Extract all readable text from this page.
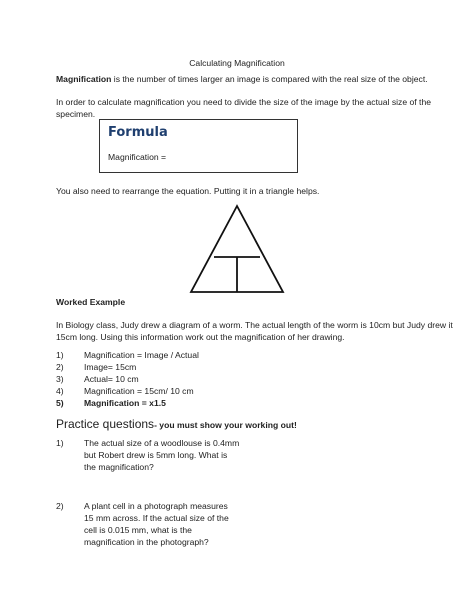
Calculating Magnification
Magnification is the number of times larger an image is compared with the real size of the object.
In order to calculate magnification you need to divide the size of the image by the actual size of the
specimen.
Formula
Magnification =
You also need to rearrange the equation. Putting it in a triangle helps.
Worked Example
In Biology class, Judy drew a diagram of a worm. The actual length of the worm is 10cm but Judy drew it
15cm long. Using this information work out the magnification of her drawing.
1) Magnification = Image / Actual
2) Image= 15cm
3) Actual= 10 cm
4) Magnification = 15cm/ 10 cm
5) Magnification = x1.5
Practice questions- you must show your working out!
1) The actual size of a woodlouse is 0.4mm
but Robert drew is 5mm long. What is
the magnification?
2) A plant cell in a photograph measures
15 mm across. If the actual size of the
cell is 0.015 mm, what is the
magnification in the photograph?
